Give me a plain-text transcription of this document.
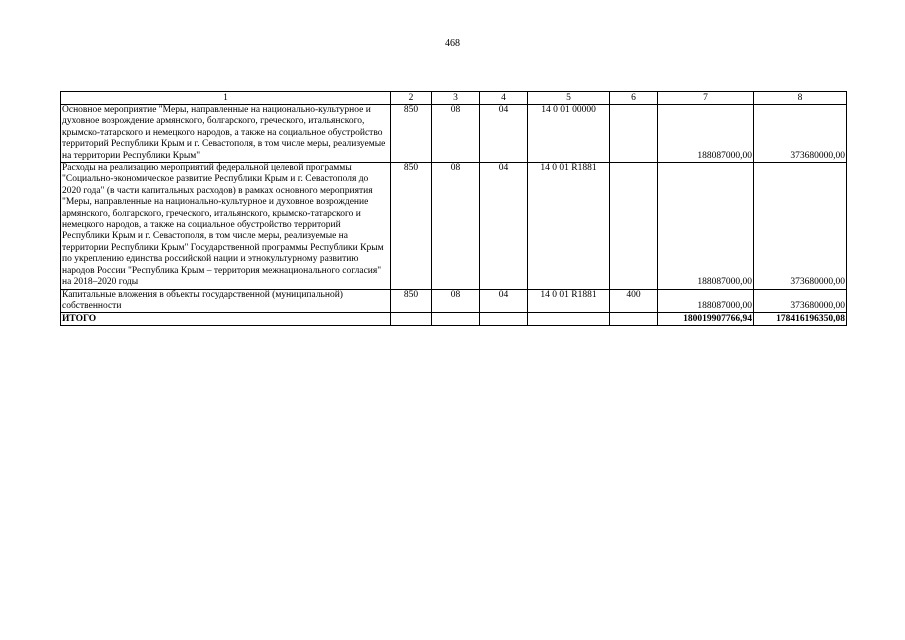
468
1	2	3	4	5	6	7	8
Основное мероприятие "Меры, направленные на национально-культурное и духовное возрождение армянского, болгарского, греческого, итальянского, крымско-татарского и немецкого народов, а также на социальное обустройство территорий Республики Крым и г. Севастополя, в том числе меры, реализуемые на территории Республики Крым"	850	08	04	14 0 01 00000		188087000,00	373680000,00
Расходы на реализацию мероприятий федеральной целевой программы "Социально-экономическое развитие Республики Крым и г. Севастополя до 2020 года" (в части капитальных расходов) в рамках основного мероприятия "Меры, направленные на национально-культурное и духовное возрождение армянского, болгарского, греческого, итальянского, крымско-татарского и немецкого народов, а также на социальное обустройство территорий Республики Крым и г. Севастополя, в том числе меры, реализуемые на территории Республики Крым" Государственной программы Республики Крым по укреплению единства российской нации и этнокультурному развитию народов России "Республика Крым – территория межнационального согласия" на 2018–2020 годы	850	08	04	14 0 01 R1881		188087000,00	373680000,00
Капитальные вложения в объекты государственной (муниципальной) собственности	850	08	04	14 0 01 R1881	400	188087000,00	373680000,00
ИТОГО						180019907766,94	178416196350,08
